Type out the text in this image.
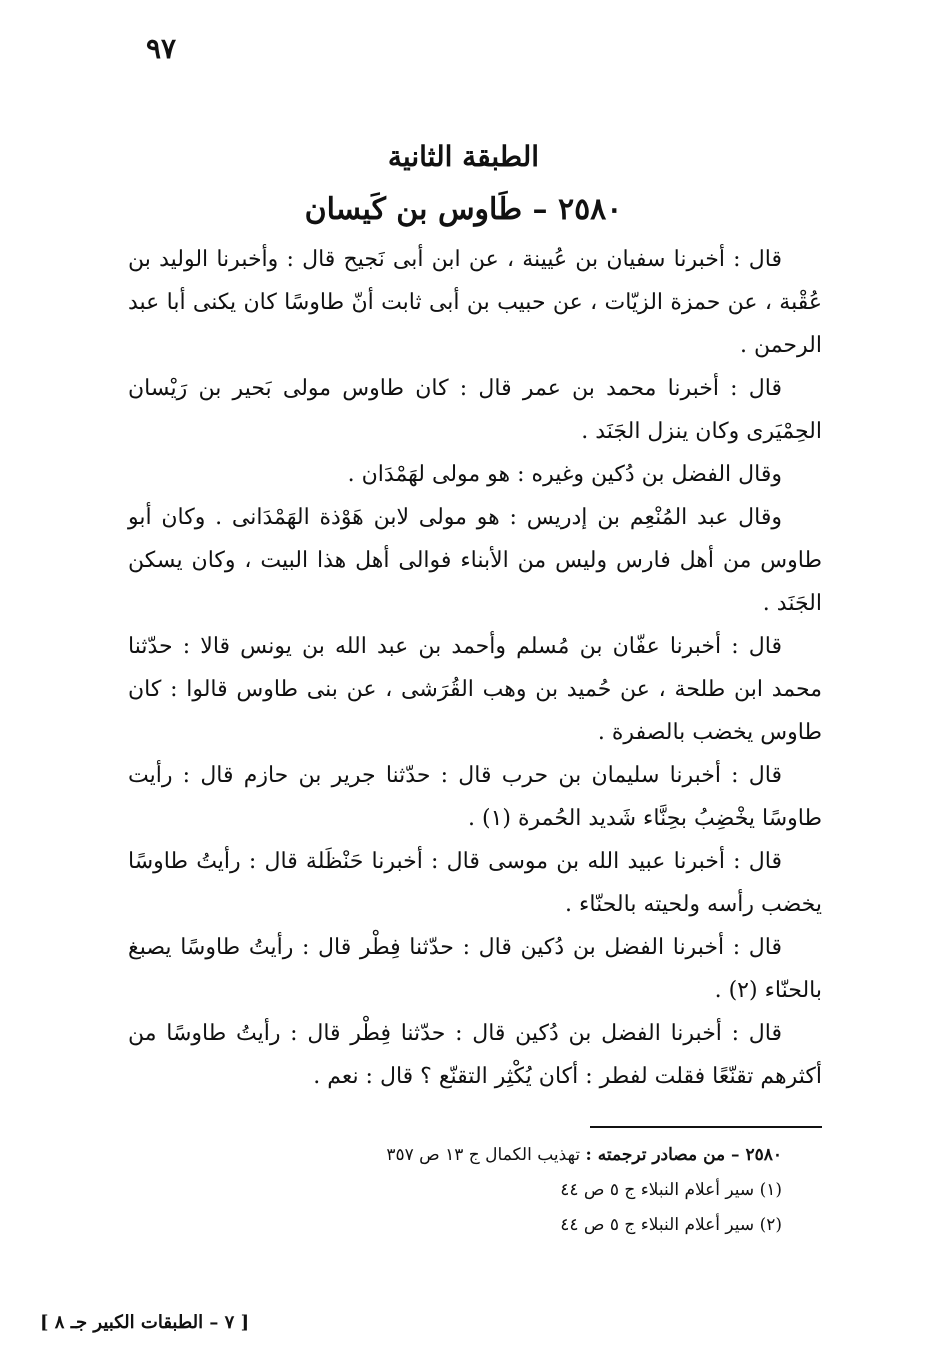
٩٧
الطبقة الثانية
٢٥٨٠ – طَاوس بن كَيسان

قال : أخبرنا سفيان بن عُيينة ، عن ابن أبى نَجيح قال : وأخبرنا الوليد بن عُقْبة ، عن حمزة الزيّات ، عن حبيب بن أبى ثابت أنّ طاوسًا كان يكنى أبا عبد الرحمن .

قال : أخبرنا محمد بن عمر قال : كان طاوس مولى بَحير بن رَيْسان الحِمْيَرى وكان ينزل الجَنَد .

وقال الفضل بن دُكين وغيره : هو مولى لهَمْدَان .

وقال عبد المُنْعِم بن إدريس : هو مولى لابن هَوْذة الهَمْدَانى . وكان أبو طاوس من أهل فارس وليس من الأبناء فوالى أهل هذا البيت ، وكان يسكن الجَنَد .

قال : أخبرنا عفّان بن مُسلم وأحمد بن عبد الله بن يونس قالا : حدّثنا محمد ابن طلحة ، عن حُميد بن وهب القُرَشى ، عن بنى طاوس قالوا : كان طاوس يخضب بالصفرة .

قال : أخبرنا سليمان بن حرب قال : حدّثنا جرير بن حازم قال : رأيت طاوسًا يخْضِبُ بحِنَّاء شَديد الحُمرة (١) .

قال : أخبرنا عبيد الله بن موسى قال : أخبرنا حَنْظَلة قال : رأيتُ طاوسًا يخضب رأسه ولحيته بالحنّاء .

قال : أخبرنا الفضل بن دُكين قال : حدّثنا فِطْر قال : رأيتُ طاوسًا يصبغ بالحنّاء (٢) .

قال : أخبرنا الفضل بن دُكين قال : حدّثنا فِطْر قال : رأيتُ طاوسًا من أكثرهم تقنّعًا فقلت لفطر : أكان يُكْثِر التقنّع ؟ قال : نعم .

٢٥٨٠ – من مصادر ترجمته : تهذيب الكمال ج ١٣ ص ٣٥٧

(١) سير أعلام النبلاء ج ٥ ص ٤٤

(٢) سير أعلام النبلاء ج ٥ ص ٤٤

[ ٧ – الطبقات الكبير جـ ٨ ]
